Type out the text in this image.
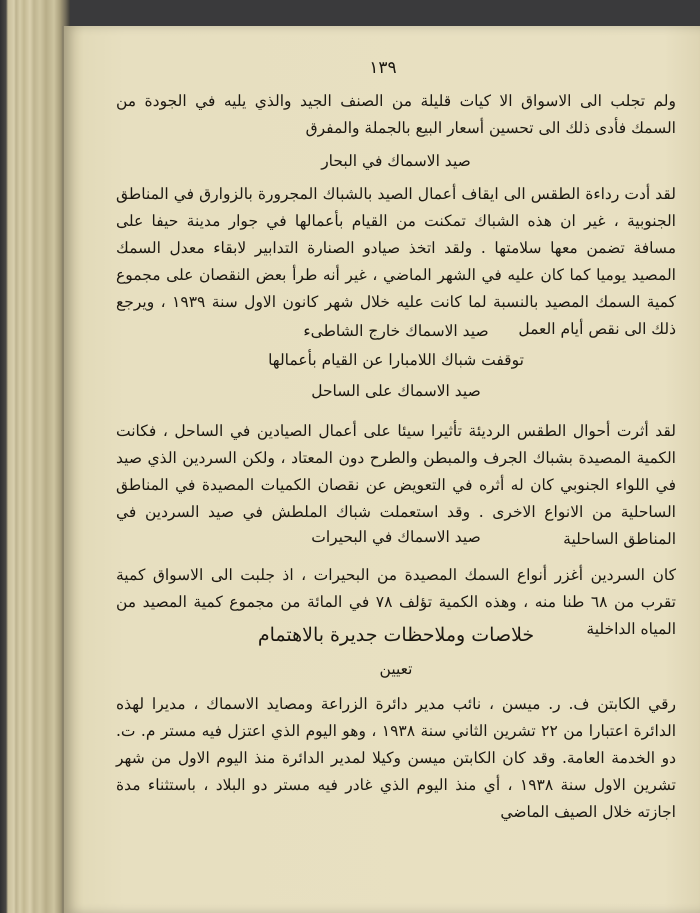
١٣٩
ولم تجلب الى الاسواق الا كيات قليلة من الصنف الجيد والذي يليه في الجودة من السمك فأدى ذلك الى تحسين أسعار البيع بالجملة والمفرق
صيد الاسماك في البحار
لقد أدت رداءة الطقس الى ايقاف أعمال الصيد بالشباك المجرورة بالزوارق في المناطق الجنوبية ، غير ان هذه الشباك تمكنت من القيام بأعمالها في جوار مدينة حيفا على مسافة تضمن معها سلامتها . ولقد اتخذ صيادو الصنارة التدابير لابقاء معدل السمك المصيد يوميا كما كان عليه في الشهر الماضي ، غير أنه طرأ بعض النقصان على مجموع كمية السمك المصيد بالنسبة لما كانت عليه خلال شهر كانون الاول سنة ١٩٣٩ ، ويرجع ذلك الى نقص أيام العمل
صيد الاسماك خارج الشاطىء
توقفت شباك اللامبارا عن القيام بأعمالها
صيد الاسماك على الساحل
لقد أثرت أحوال الطقس الرديئة تأثيرا سيئا على أعمال الصيادين في الساحل ، فكانت الكمية المصيدة بشباك الجرف والمبطن والطرح دون المعتاد ، ولكن السردين الذي صيد في اللواء الجنوبي كان له أثره في التعويض عن نقصان الكميات المصيدة في المناطق الساحلية من الانواع الاخرى . وقد استعملت شباك الملطش في صيد السردين في المناطق الساحلية
صيد الاسماك في البحيرات
كان السردين أغزر أنواع السمك المصيدة من البحيرات ، اذ جلبت الى الاسواق كمية تقرب من ٦٨ طنا منه ، وهذه الكمية تؤلف ٧٨ في المائة من مجموع كمية المصيد من المياه الداخلية
خلاصات وملاحظات جديرة بالاهتمام
تعيين
رقي الكابتن ف. ر. ميسن ، نائب مدير دائرة الزراعة ومصايد الاسماك ، مديرا لهذه الدائرة اعتبارا من ٢٢ تشرين الثاني سنة ١٩٣٨ ، وهو اليوم الذي اعتزل فيه مستر م. ت. دو الخدمة العامة. وقد كان الكابتن ميسن وكيلا لمدير الدائرة منذ اليوم الاول من شهر تشرين الاول سنة ١٩٣٨ ، أي منذ اليوم الذي غادر فيه مستر دو البلاد ، باستثناء مدة اجازته خلال الصيف الماضي
